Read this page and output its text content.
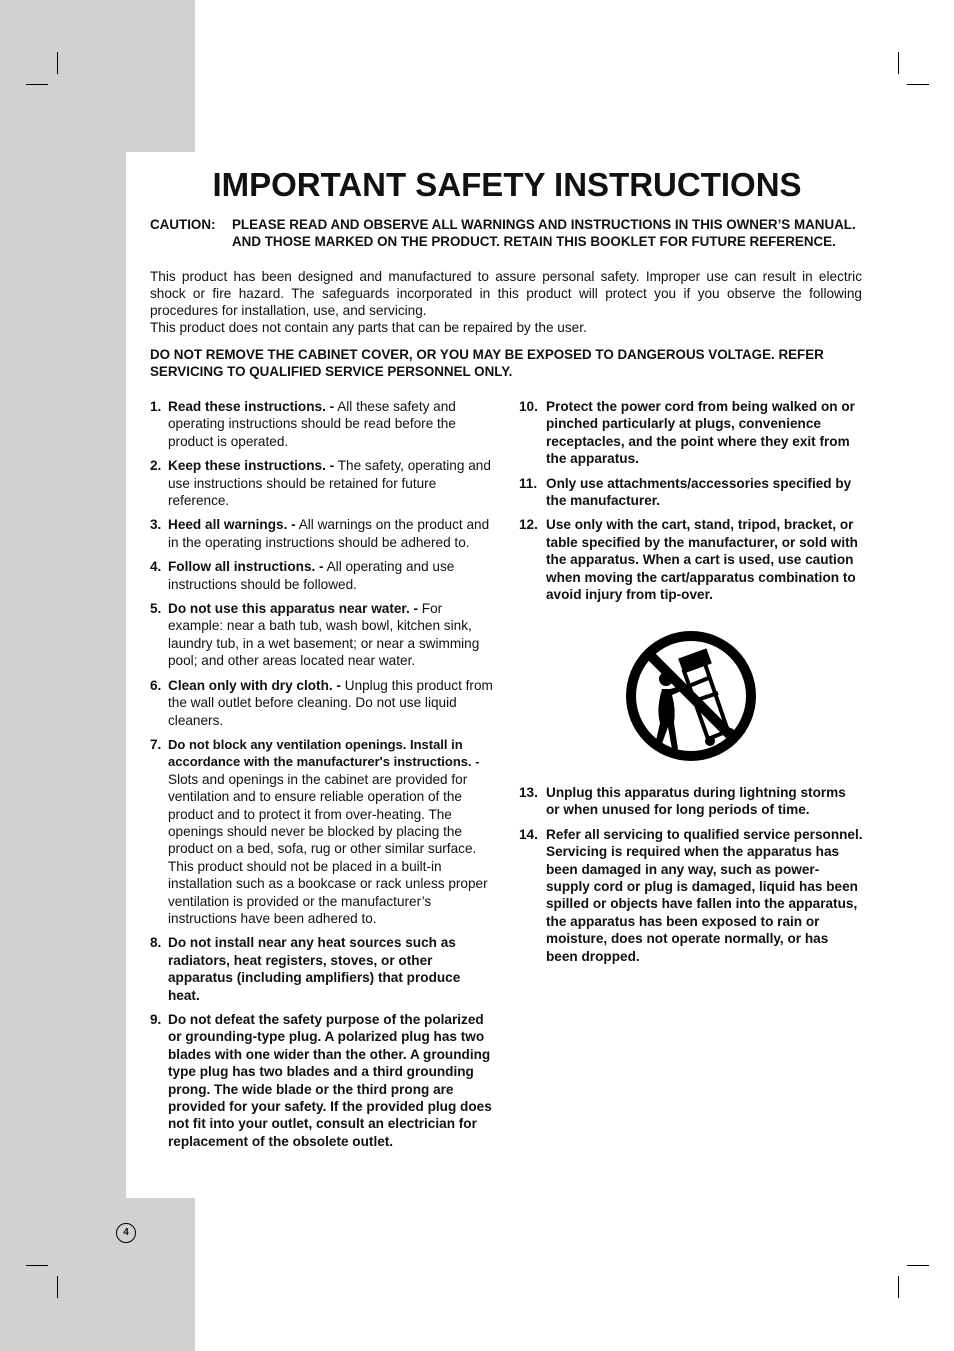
IMPORTANT SAFETY INSTRUCTIONS
CAUTION:	PLEASE READ AND OBSERVE ALL WARNINGS AND INSTRUCTIONS IN THIS OWNER’S MANUAL. AND THOSE MARKED ON THE PRODUCT. RETAIN THIS BOOKLET FOR FUTURE REFERENCE.

This product has been designed and manufactured to assure personal safety. Improper use can result in electric shock or fire hazard. The safeguards incorporated in this product will protect you if you observe the following procedures for installation, use, and servicing.

This product does not contain any parts that can be repaired by the user.

DO NOT REMOVE THE CABINET COVER, OR YOU MAY BE EXPOSED TO DANGEROUS VOLTAGE. REFER SERVICING TO QUALIFIED SERVICE PERSONNEL ONLY.
1. Read these instructions. - All these safety and operating instructions should be read before the product is operated.
2. Keep these instructions. - The safety, operating and use instructions should be retained for future reference.
3. Heed all warnings. - All warnings on the product and in the operating instructions should be adhered to.
4. Follow all instructions. - All operating and use instructions should be followed.
5. Do not use this apparatus near water. - For example: near a bath tub, wash bowl, kitchen sink, laundry tub, in a wet basement; or near a swimming pool; and other areas located near water.
6. Clean only with dry cloth. - Unplug this product from the wall outlet before cleaning. Do not use liquid cleaners.
7. Do not block any ventilation openings. Install in accordance with the manufacturer's instructions. - Slots and openings in the cabinet are provided for ventilation and to ensure reliable operation of the product and to protect it from over-heating. The openings should never be blocked by placing the product on a bed, sofa, rug or other similar surface. This product should not be placed in a built-in installation such as a bookcase or rack unless proper ventilation is provided or the manufacturer’s instructions have been adhered to.
8. Do not install near any heat sources such as radiators, heat registers, stoves, or other apparatus (including amplifiers) that produce heat.
9. Do not defeat the safety purpose of the polarized or grounding-type plug. A polarized plug has two blades with one wider than the other. A grounding type plug has two blades and a third grounding prong. The wide blade or the third prong are provided for your safety. If the provided plug does not fit into your outlet, consult an electrician for replacement of the obsolete outlet.
10. Protect the power cord from being walked on or pinched particularly at plugs, convenience receptacles, and the point where they exit from the apparatus.
11. Only use attachments/accessories specified by the manufacturer.
12. Use only with the cart, stand, tripod, bracket, or table specified by the manufacturer, or sold with the apparatus. When a cart is used, use caution when moving the cart/apparatus combination to avoid injury from tip-over.
13. Unplug this apparatus during lightning storms or when unused for long periods of time.
14. Refer all servicing to qualified service personnel. Servicing is required when the apparatus has been damaged in any way, such as power-supply cord or plug is damaged, liquid has been spilled or objects have fallen into the apparatus, the apparatus has been exposed to rain or moisture, does not operate normally, or has been dropped.
4
